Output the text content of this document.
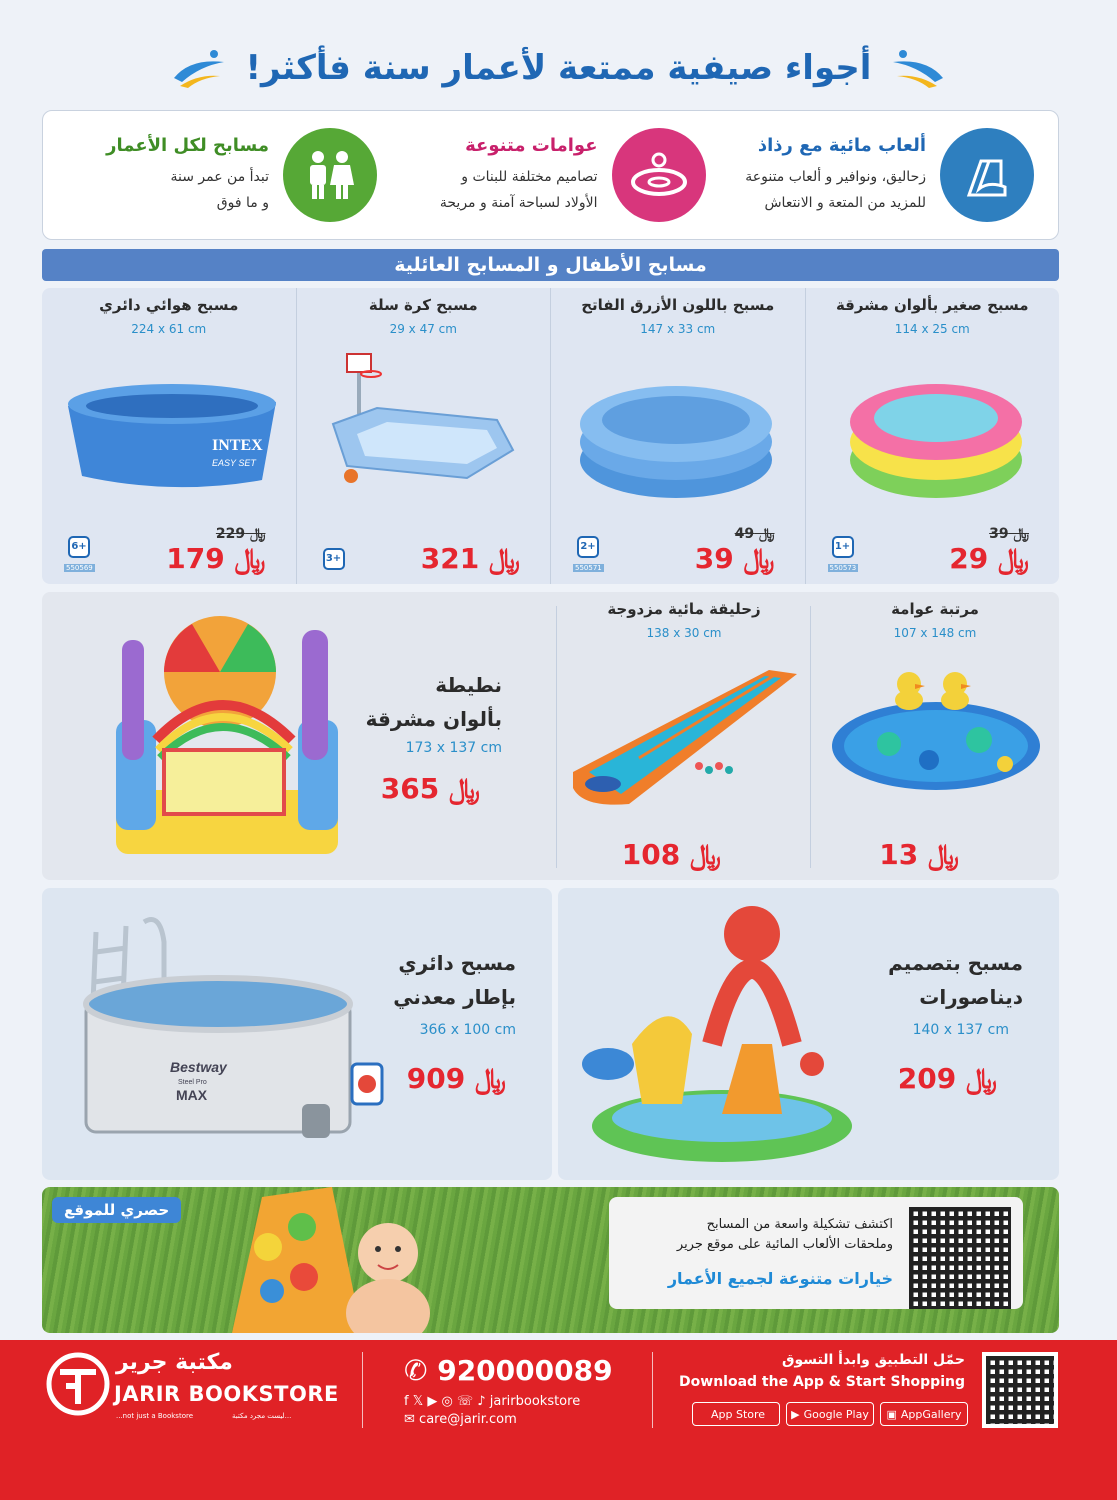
أجواء صيفية ممتعة لأعمار سنة فأكثر!
ألعاب مائية مع رذاذ
زحاليق، ونوافير و ألعاب متنوعة
للمزيد من المتعة و الانتعاش
عوامات متنوعة
تصاميم مختلفة للبنات و
الأولاد لسباحة آمنة و مريحة
مسابح لكل الأعمار
تبدأ من عمر سنة
و ما فوق
مسابح الأطفال و المسابح العائلية
مسبح صغير بألوان مشرقة
114 x 25 cm
﷼ 39
﷼ 29
1+
550573
مسبح باللون الأزرق الفاتح
147 x 33 cm
﷼ 49
﷼ 39
2+
550571
مسبح كرة سلة
29 x 47 cm
﷼ 321
3+
مسبح هوائي دائري
224 x 61 cm
INTEX
EASY SET
﷼ 229
﷼ 179
6+
550569
مرتبة عوامة
107 x 148 cm
﷼ 13
زحليقة مائية مزدوجة
138 x 30 cm
﷼ 108
نطيطة
بألوان مشرقة
173 x 137 cm
﷼ 365
مسبح بتصميم
ديناصورات
140 x 137 cm
﷼ 209
مسبح دائري
بإطار معدني
366 x 100 cm
﷼ 909
Bestway
Steel Pro
MAX
حصري للموقع
اكتشف تشكيلة واسعة من المسابح
وملحقات الألعاب المائية على موقع جرير
خيارات متنوعة لجميع الأعمار
مكتبة جرير
JARIR BOOKSTORE
...not just a Bookstore	...ليست مجرد مكتبة
✆ 920000089
f 𝕏 ▶ ◎ ☏ ♪ jarirbookstore
✉ care@jarir.com
حمّل التطبيق وابدأ التسوق
Download the App & Start Shopping
App Store ▶ Google Play ▣ AppGallery
